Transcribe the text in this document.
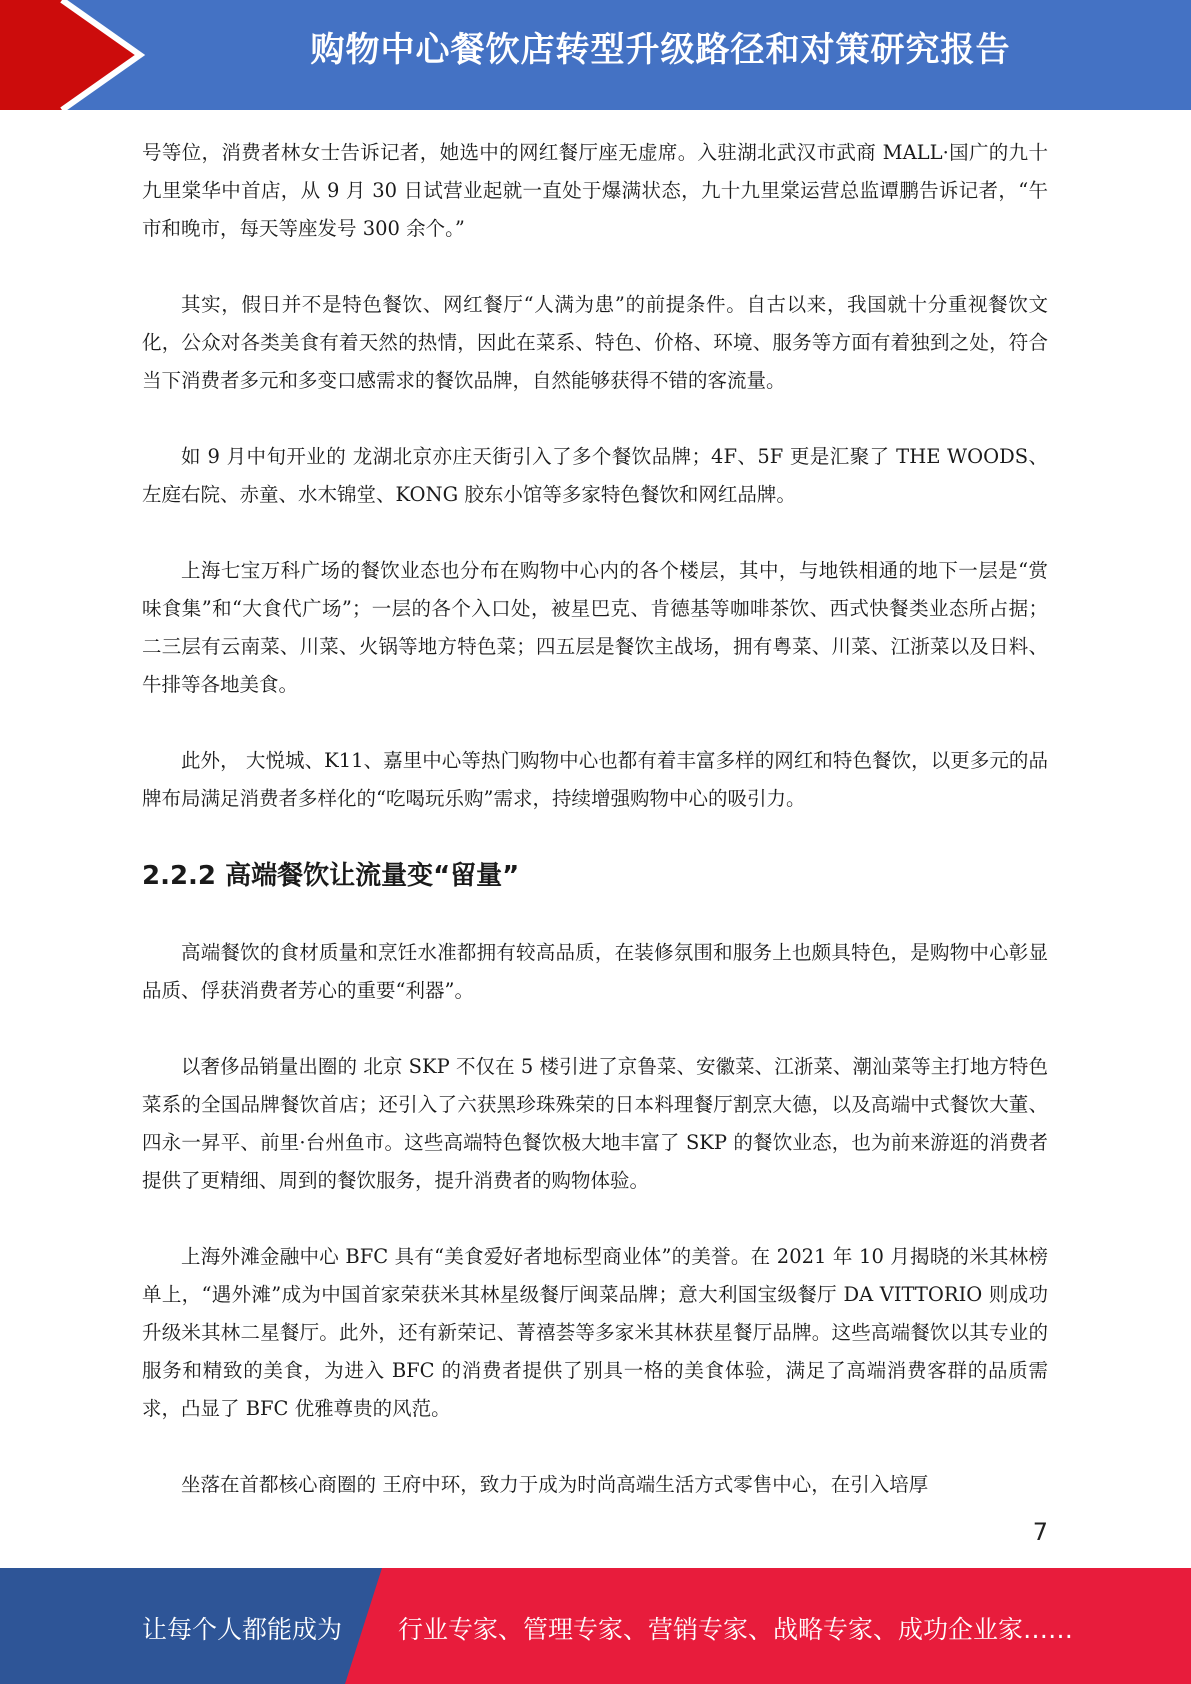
购物中心餐饮店转型升级路径和对策研究报告

号等位，消费者林女士告诉记者，她选中的网红餐厅座无虚席。入驻湖北武汉市武商 MALL·国广的九十九里棠华中首店，从 9 月 30 日试营业起就一直处于爆满状态，九十九里棠运营总监谭鹏告诉记者，“午市和晚市，每天等座发号 300 余个。”

其实，假日并不是特色餐饮、网红餐厅“人满为患”的前提条件。自古以来，我国就十分重视餐饮文化，公众对各类美食有着天然的热情，因此在菜系、特色、价格、环境、服务等方面有着独到之处，符合当下消费者多元和多变口感需求的餐饮品牌，自然能够获得不错的客流量。

如 9 月中旬开业的 龙湖北京亦庄天街引入了多个餐饮品牌；4F、5F 更是汇聚了 THE WOODS、左庭右院、赤童、水木锦堂、KONG 胶东小馆等多家特色餐饮和网红品牌。

上海七宝万科广场的餐饮业态也分布在购物中心内的各个楼层，其中，与地铁相通的地下一层是“赏味食集”和“大食代广场”；一层的各个入口处，被星巴克、肯德基等咖啡茶饮、西式快餐类业态所占据；二三层有云南菜、川菜、火锅等地方特色菜；四五层是餐饮主战场，拥有粤菜、川菜、江浙菜以及日料、牛排等各地美食。

此外， 大悦城、K11、嘉里中心等热门购物中心也都有着丰富多样的网红和特色餐饮，以更多元的品牌布局满足消费者多样化的“吃喝玩乐购”需求，持续增强购物中心的吸引力。

2.2.2 高端餐饮让流量变“留量”

高端餐饮的食材质量和烹饪水准都拥有较高品质，在装修氛围和服务上也颇具特色，是购物中心彰显品质、俘获消费者芳心的重要“利器”。

以奢侈品销量出圈的 北京 SKP 不仅在 5 楼引进了京鲁菜、安徽菜、江浙菜、潮汕菜等主打地方特色菜系的全国品牌餐饮首店；还引入了六获黑珍珠殊荣的日本料理餐厅割烹大德，以及高端中式餐饮大董、四永一昇平、前里·台州鱼市。这些高端特色餐饮极大地丰富了 SKP 的餐饮业态，也为前来游逛的消费者提供了更精细、周到的餐饮服务，提升消费者的购物体验。

上海外滩金融中心 BFC 具有“美食爱好者地标型商业体”的美誉。在 2021 年 10 月揭晓的米其林榜单上，“遇外滩”成为中国首家荣获米其林星级餐厅闽菜品牌；意大利国宝级餐厅 DA VITTORIO 则成功升级米其林二星餐厅。此外，还有新荣记、菁禧荟等多家米其林获星餐厅品牌。这些高端餐饮以其专业的服务和精致的美食，为进入 BFC 的消费者提供了别具一格的美食体验，满足了高端消费客群的品质需求，凸显了 BFC 优雅尊贵的风范。

坐落在首都核心商圈的 王府中环，致力于成为时尚高端生活方式零售中心，在引入培厚

7
让每个人都能成为 行业专家、管理专家、营销专家、战略专家、成功企业家……
